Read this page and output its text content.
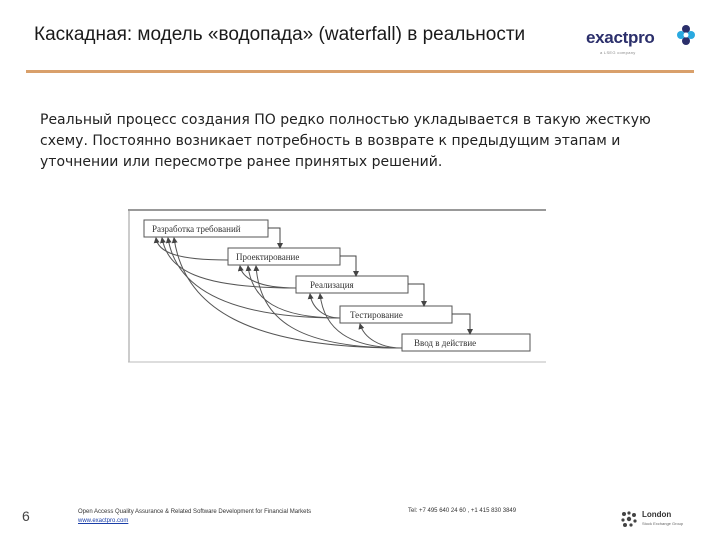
Каскадная: модель «водопада» (waterfall) в реальности	exactpro
a LSEG company
Реальный процесс создания ПО редко полностью укладывается в такую жесткую схему. Постоянно возникает потребность в возврате к предыдущим этапам и уточнении или пересмотре ранее принятых решений.
Разработка требований
Проектирование
Реализация
Тестирование
Ввод в действие
6	Open Access Quality Assurance & Related Software Development for Financial Markets
www.exactpro.com
Tel: +7 495 640 24 60 , +1 415 830 3849	London
Stock Exchange Group
